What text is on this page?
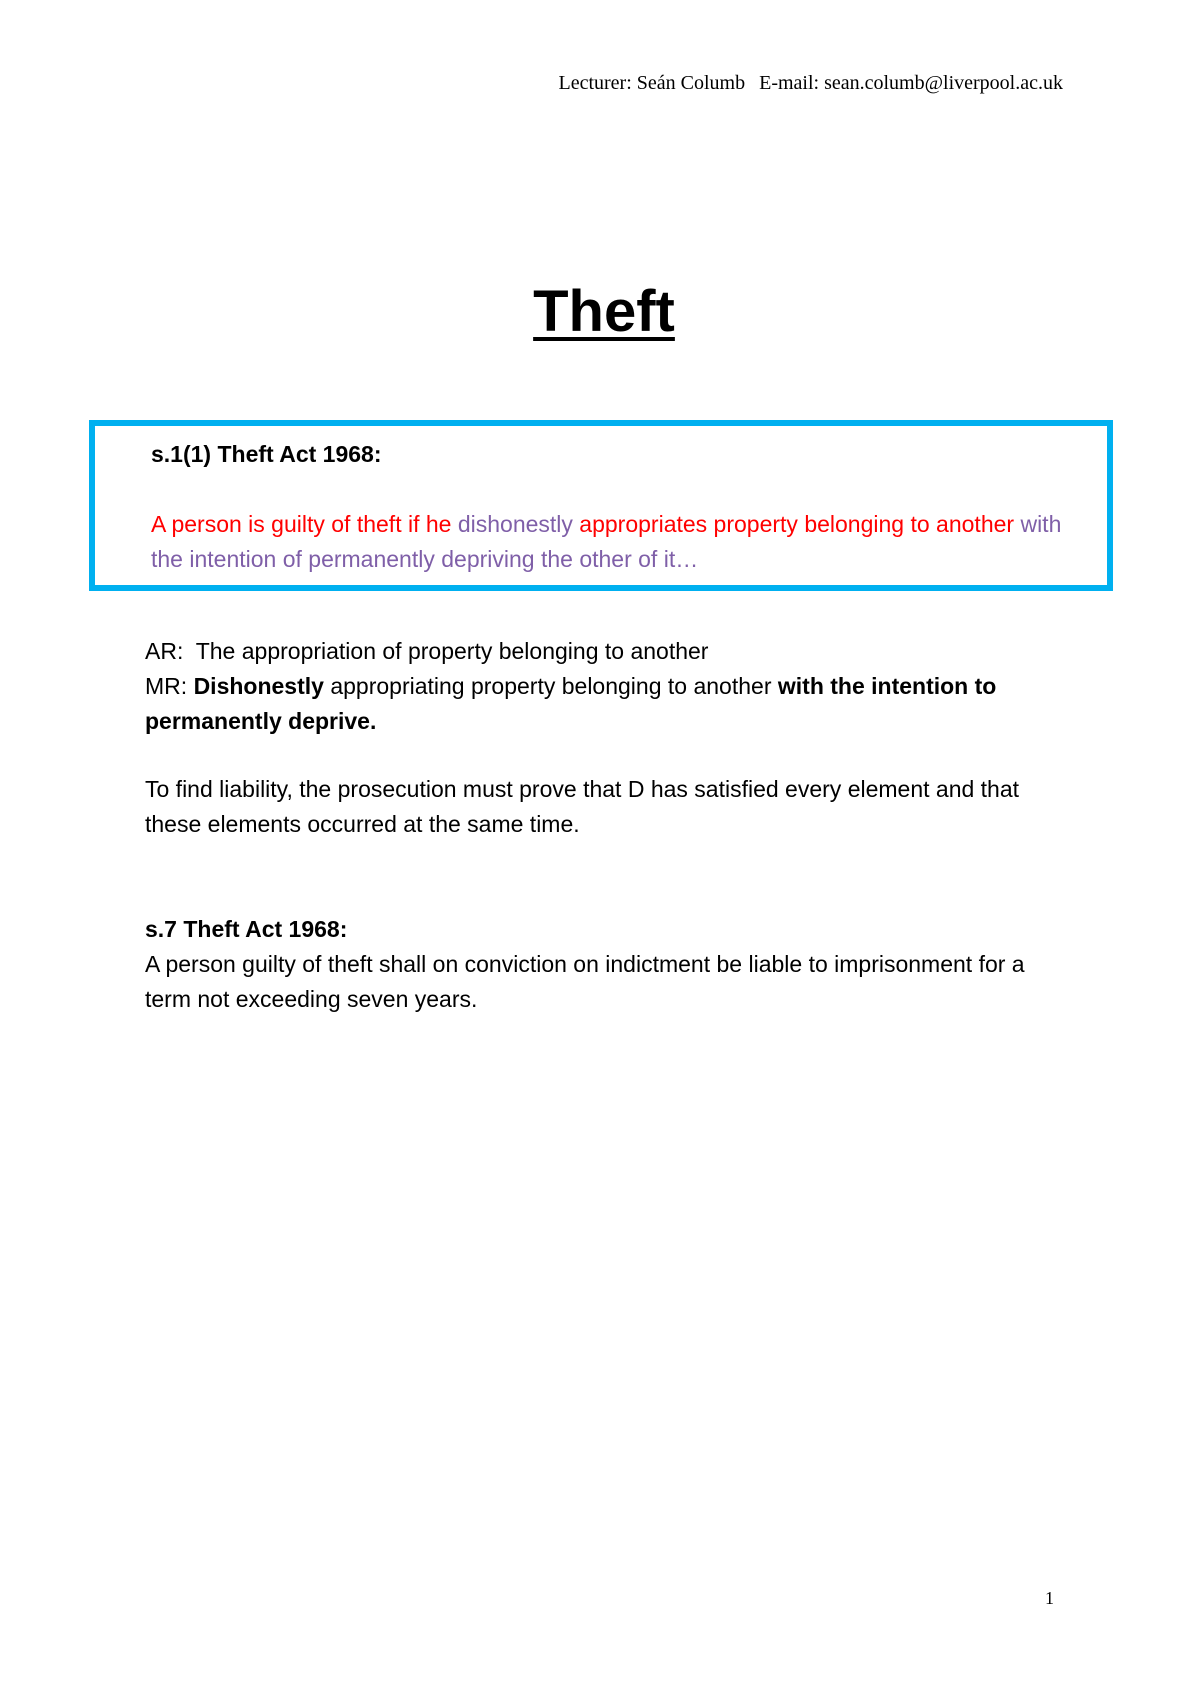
Lecturer: Seán Columb E-mail: sean.columb@liverpool.ac.uk
Theft

s.1(1) Theft Act 1968:

A person is guilty of theft if he dishonestly appropriates property belonging to another with the intention of permanently depriving the other of it…

AR: The appropriation of property belonging to another

MR: Dishonestly appropriating property belonging to another with the intention to permanently deprive.

To find liability, the prosecution must prove that D has satisfied every element and that these elements occurred at the same time.

s.7 Theft Act 1968:

A person guilty of theft shall on conviction on indictment be liable to imprisonment for a term not exceeding seven years.

1
